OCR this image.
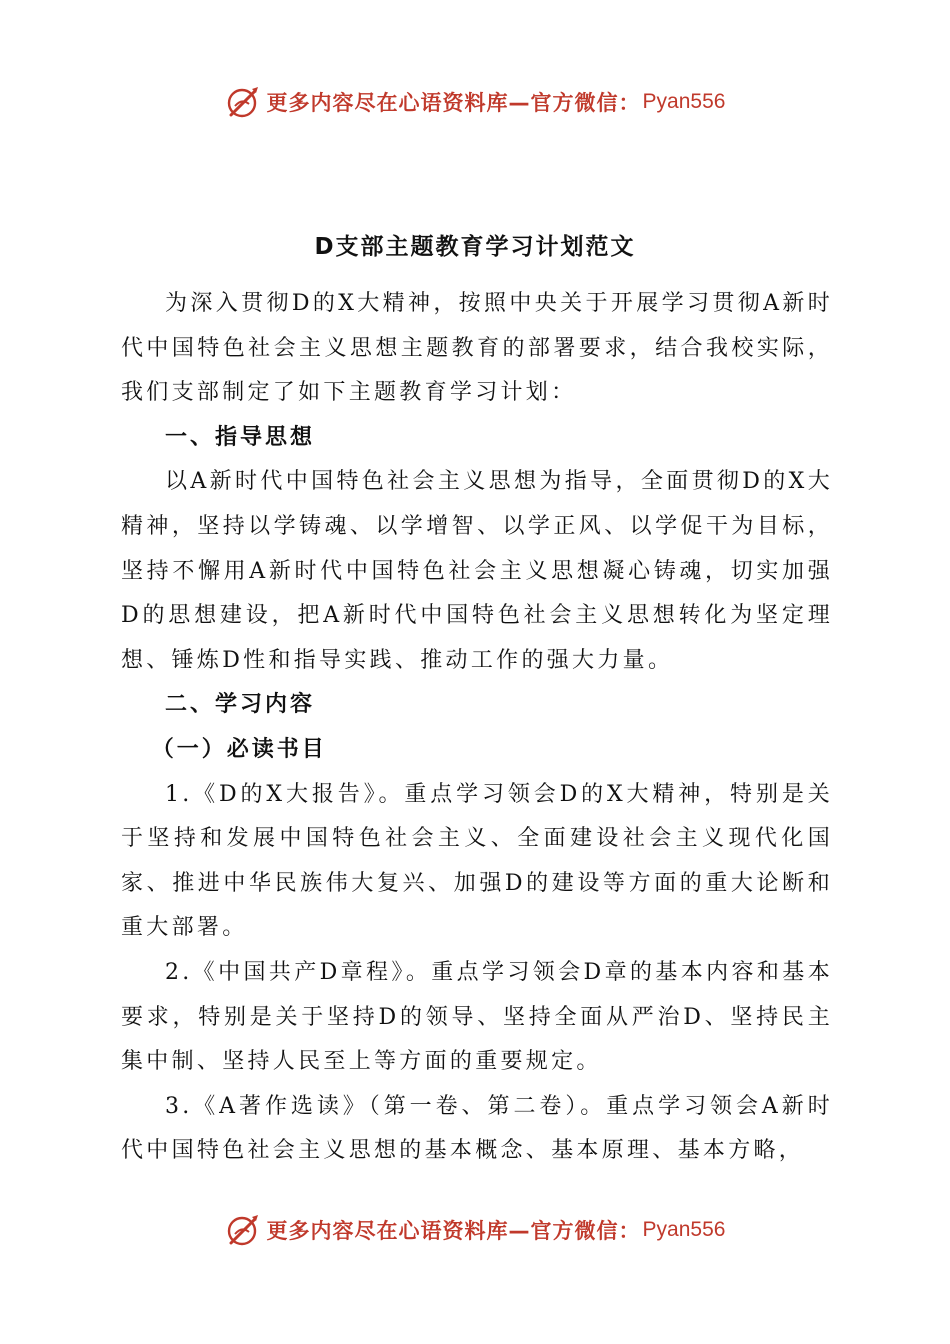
更多内容尽在心语资料库—官方微信： Pyan556
D支部主题教育学习计划范文

为深入贯彻D的X大精神，按照中央关于开展学习贯彻A新时代中国特色社会主义思想主题教育的部署要求，结合我校实际，我们支部制定了如下主题教育学习计划：

一、指导思想

以A新时代中国特色社会主义思想为指导，全面贯彻D的X大精神，坚持以学铸魂、以学增智、以学正风、以学促干为目标，坚持不懈用A新时代中国特色社会主义思想凝心铸魂，切实加强D的思想建设，把A新时代中国特色社会主义思想转化为坚定理想、锤炼D性和指导实践、推动工作的强大力量。

二、学习内容

（一）必读书目

1.《D的X大报告》。重点学习领会D的X大精神，特别是关于坚持和发展中国特色社会主义、全面建设社会主义现代化国家、推进中华民族伟大复兴、加强D的建设等方面的重大论断和重大部署。

2.《中国共产D章程》。重点学习领会D章的基本内容和基本要求，特别是关于坚持D的领导、坚持全面从严治D、坚持民主集中制、坚持人民至上等方面的重要规定。

3.《A著作选读》（第一卷、第二卷）。重点学习领会A新时代中国特色社会主义思想的基本概念、基本原理、基本方略，

更多内容尽在心语资料库—官方微信： Pyan556
